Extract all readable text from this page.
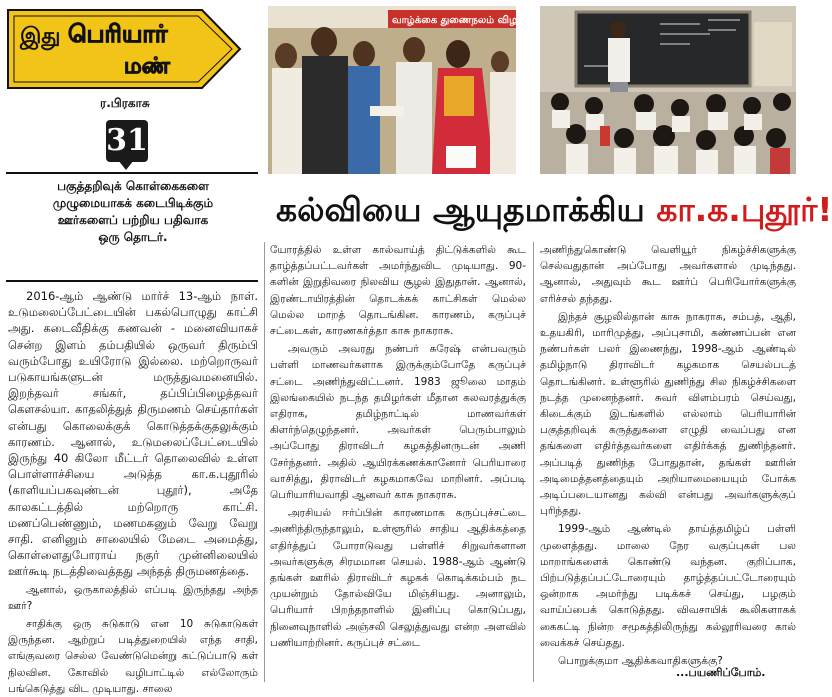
இது பெரியார்
மண்
ர.பிரகாசு
31
பகுத்தறிவுக் கொள்கைகளை
முழுமையாகக் கடைபிடிக்கும்
ஊர்களைப் பற்றிய பதிவாக
ஒரு தொடர்.
வாழ்க்கை துணைநலம் விழா
கல்வியை ஆயுதமாக்கிய கா.க.புதூர்!

2016-ஆம் ஆண்டு மார்ச் 13-ஆம் நாள். உடுமலைப்பேட்டையின் பகல்பொழுது காட்சி அது. கடைவீதிக்கு கணவன் - மனைவியாகச் சென்ற இளம் தம்பதியில் ஒருவர் திரும்பி வரும்போது உயிரோடு இல்லை. மற்றொருவர் படுகாயங்களுடன் மருத்துவமனையில். இறந்தவர் சங்கர், தப்பிப்பிழைத்தவர் கௌசல்யா. காதலித்துத் திருமணம் செய்தார்கள் என்பது கொலைக்குக் கொடுத்தக்குதலுக்கும் காரணம். ஆனால், உடுமலைப்பேட்டையில் இருந்து 40 கிலோ மீட்டர் தொலைவில் உள்ள பொள்ளாச்சியை அடுத்த கா.க.புதூரில் (காளியப்பகவுண்டன் புதூர்), அதே காலகட்டத்தில் மற்றொரு காட்சி. மணப்பெண்ணும், மணமகனும் வேறு வேறு சாதி. எனினும் சாலையில் மேடை அமைத்து, கொள்ளைதுபோராய் நகுர் முன்னிலையில் ஊர்கூடி நடத்திவைத்தது அந்தத் திருமணத்தை.

ஆனால், ஒருகாலத்தில் எப்படி இருந்தது அந்த ஊர்?

சாதிக்கு ஒரு சுடுகாடு என 10 சுடுகாடுகள் இருந்தன. ஆற்றுப் படித்துறையில் எந்த சாதி, எங்குவரை செல்ல வேண்டுமென்று கட்டுப்பாடு கள் நிலவின. கோவில் வழிபாட்டில் எல்லோரும் பங்கெடுத்து விட முடியாது. சாலை

யோரத்தில் உள்ள கால்வாய்த் திட்டுக்களில் கூட தாழ்த்தப்பட்டவர்கள் அமர்ந்துவிட முடியாது. 90-களின் இறுதிவரை நிலவிய சூழல் இதுதான். ஆனால், இரண்டாயிரத்தின் தொடக்கக் காட்சிகள் மெல்ல மெல்ல மாறத் தொடங்கின. காரணம், கருப்புச் சட்டைகள், காரணகர்த்தா காசு நாகராசு.

அவரும் அவரது நண்பர் சுரேஷ் என்பவரும் பள்ளி மாணவர்களாக இருக்கும்போதே கருப்புச் சட்டை அணிந்துவிட்டனர். 1983 ஜூலை மாதம் இலங்கையில் நடந்த தமிழர்கள் மீதான கலவரத்துக்கு எதிராக, தமிழ்நாட்டில் மாணவர்கள் கிளர்ந்தெழுந்தனர். அவர்கள் பெரும்பாலும் அப்போது திராவிடர் கழகத்தினருடன் அணி சேர்ந்தனர். அதில் ஆயிரக்கணக்கானோர் பெரியாரை வாசித்து, திராவிடர் கழகமாகவே மாறினர். அப்படி பெரியாரியவாதி ஆனவர் காசு நாகராசு.

அரசியல் ஈர்ப்பின் காரணமாக கருப்புச்சட்டை அணிந்திருந்தாலும், உள்ளூரில் சாதிய ஆதிக்கத்தை எதிர்த்துப் போராடுவது பள்ளிச் சிறுவர்களான அவர்களுக்கு சிரமமான செயல். 1988-ஆம் ஆண்டு தங்கள் ஊரில் திராவிடர் கழகக் கொடிக்கம்பம் நட முயன்றும் தோல்வியே மிஞ்சியது. அனாலும், பெரியார் பிறந்தநாளில் இனிப்பு கொடுப்பது, நினைவுநாளில் அஞ்சலி செலுத்துவது என்ற அளவில் பணியாற்றினர். கருப்புச் சட்டை

அணிந்துகொண்டு வெளியூர் நிகழ்ச்சிகளுக்கு செல்வதுதான் அப்போது அவர்களால் முடிந்தது. ஆனால், அதுவும் கூட ஊர்ப் பெரியோர்களுக்கு எரிச்சல் தந்தது.

இந்தச் சூழலில்தான் காசு நாகராசு, சம்பத், ஆதி, உதயகிரி, மாரிமுத்து, அப்புசாமி, கண்ணப்பன் என நண்பர்கள் பலர் இணைந்து, 1998-ஆம் ஆண்டில் தமிழ்நாடு திராவிடர் கழகமாக செயல்படத் தொடங்கினர். உள்ளூரில் துணிந்து சில நிகழ்ச்சிகளை நடத்த முனைந்தனர். சுவர் விளம்பரம் செய்வது, கிடைக்கும் இடங்களில் எல்லாம் பெரியாரின் பகுத்தறிவுக் கருத்துகளை எழுதி வைப்பது என தங்களை எதிர்த்தவர்களை எதிர்க்கத் துணிந்தனர். அப்படித் துணிந்த போதுதான், தங்கள் ஊரின் அடிமைத்தனத்தையும் அறியாமையையும் போக்க அடிப்படையானது கல்வி என்பது அவர்களுக்குப் புரிந்தது.

1999-ஆம் ஆண்டில் தாய்த்தமிழ்ப் பள்ளி முளைத்தது. மாலை நேர வகுப்புகள் பல மாறாங்களைக் கொண்டு வந்தன. குறிப்பாக, பிற்படுத்தப்பட்டோரையும் தாழ்த்தப்பட்டோரையும் ஒன்றாக அமர்ந்து படிக்கச் செய்து, பழகும் வாய்ப்பைக் கொடுத்தது. விவசாயிக் கூலிகளாகக் கைகட்டி நின்ற சமூகத்திலிருந்து கல்லூரிவரை கால் வைக்கச் செய்தது.

பொறுக்குமா ஆதிக்கவாதிகளுக்கு?

...பயணிப்போம்.
